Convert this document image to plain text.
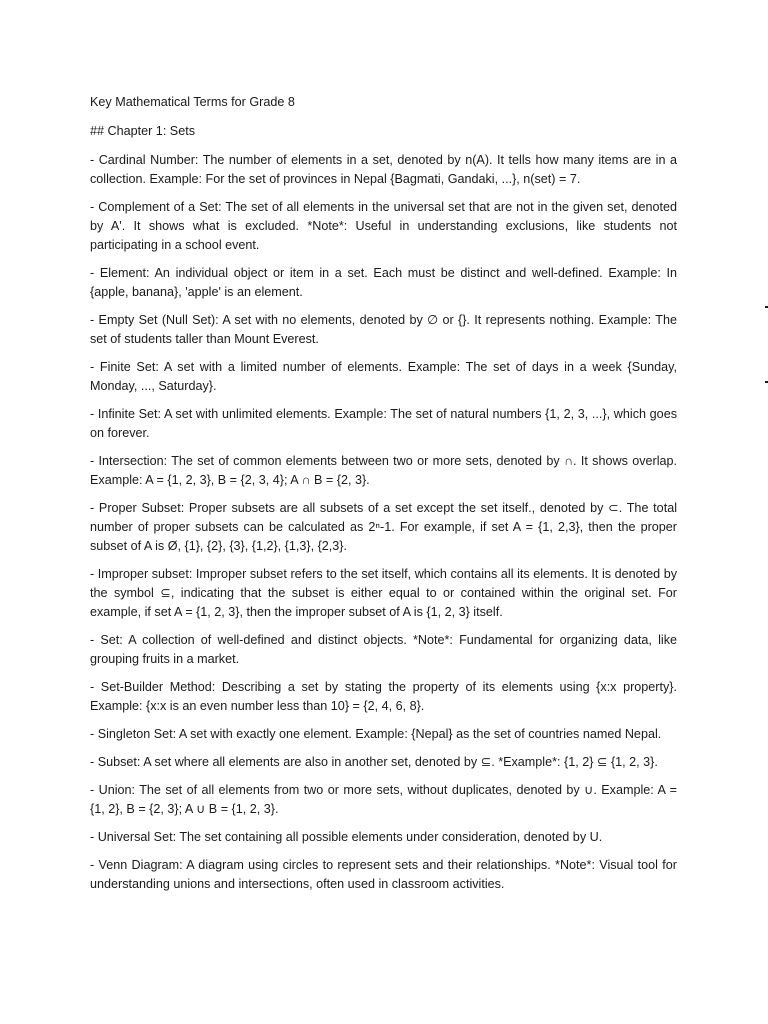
Key Mathematical Terms for Grade 8
## Chapter 1: Sets
- Cardinal Number: The number of elements in a set, denoted by n(A). It tells how many items are in a collection. Example: For the set of provinces in Nepal {Bagmati, Gandaki, ...}, n(set) = 7.
- Complement of a Set: The set of all elements in the universal set that are not in the given set, denoted by A'. It shows what is excluded. *Note*: Useful in understanding exclusions, like students not participating in a school event.
- Element: An individual object or item in a set. Each must be distinct and well-defined. Example: In {apple, banana}, 'apple' is an element.
- Empty Set (Null Set): A set with no elements, denoted by ∅ or {}. It represents nothing. Example: The set of students taller than Mount Everest.
- Finite Set: A set with a limited number of elements. Example: The set of days in a week {Sunday, Monday, ..., Saturday}.
- Infinite Set: A set with unlimited elements. Example: The set of natural numbers {1, 2, 3, ...}, which goes on forever.
- Intersection: The set of common elements between two or more sets, denoted by ∩. It shows overlap. Example: A = {1, 2, 3}, B = {2, 3, 4}; A ∩ B = {2, 3}.
- Proper Subset: Proper subsets are all subsets of a set except the set itself., denoted by ⊂. The total number of proper subsets can be calculated as 2ⁿ-1. For example, if set A = {1, 2,3}, then the proper subset of A is Ø, {1}, {2}, {3}, {1,2}, {1,3}, {2,3}.
- Improper subset: Improper subset refers to the set itself, which contains all its elements. It is denoted by the symbol ⊆, indicating that the subset is either equal to or contained within the original set. For example, if set A = {1, 2, 3}, then the improper subset of A is {1, 2, 3} itself.
- Set: A collection of well-defined and distinct objects. *Note*: Fundamental for organizing data, like grouping fruits in a market.
- Set-Builder Method: Describing a set by stating the property of its elements using {x:x property}. Example: {x:x is an even number less than 10} = {2, 4, 6, 8}.
- Singleton Set: A set with exactly one element. Example: {Nepal} as the set of countries named Nepal.
- Subset: A set where all elements are also in another set, denoted by ⊆. *Example*: {1, 2} ⊆ {1, 2, 3}.
- Union: The set of all elements from two or more sets, without duplicates, denoted by ∪. Example: A = {1, 2}, B = {2, 3}; A ∪ B = {1, 2, 3}.
- Universal Set: The set containing all possible elements under consideration, denoted by U.
- Venn Diagram: A diagram using circles to represent sets and their relationships. *Note*: Visual tool for understanding unions and intersections, often used in classroom activities.
